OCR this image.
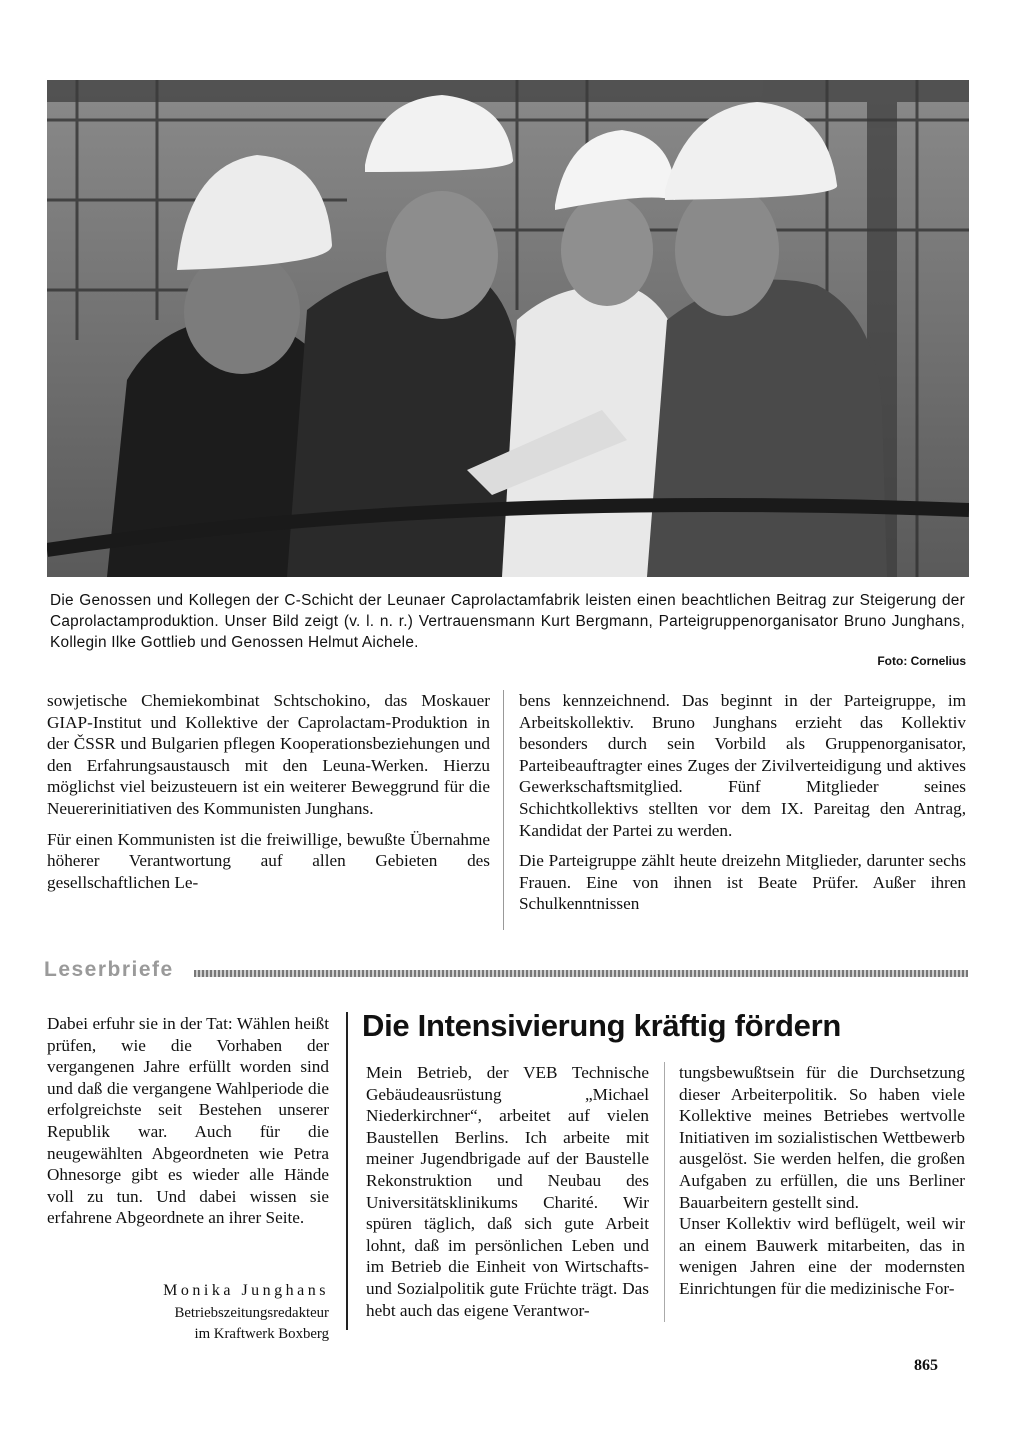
Die Genossen und Kollegen der C-Schicht der Leunaer Caprolactamfabrik leisten einen beachtlichen Beitrag zur Steigerung der Caprolactamproduktion. Unser Bild zeigt (v. l. n. r.) Vertrauensmann Kurt Bergmann, Parteigruppenorganisator Bruno Junghans, Kollegin Ilke Gottlieb und Genossen Helmut Aichele.

Foto: Cornelius

sowjetische Chemiekombinat Schtschokino, das Moskauer GIAP-Institut und Kollektive der Caprolactam-Produktion in der ČSSR und Bulgarien pflegen Kooperationsbeziehungen und den Erfahrungsaustausch mit den Leuna-Werken. Hierzu möglichst viel beizusteuern ist ein weiterer Beweggrund für die Neuererinitiativen des Kommunisten Junghans.

Für einen Kommunisten ist die freiwillige, bewußte Übernahme höherer Verantwortung auf allen Gebieten des gesellschaftlichen Le-

bens kennzeichnend. Das beginnt in der Parteigruppe, im Arbeitskollektiv. Bruno Junghans erzieht das Kollektiv besonders durch sein Vorbild als Gruppenorganisator, Parteibeauftragter eines Zuges der Zivilverteidigung und aktives Gewerkschaftsmitglied. Fünf Mitglieder seines Schichtkollektivs stellten vor dem IX. Pareitag den Antrag, Kandidat der Partei zu werden.

Die Parteigruppe zählt heute dreizehn Mitglieder, darunter sechs Frauen. Eine von ihnen ist Beate Prüfer. Außer ihren Schulkenntnissen

Leserbriefe

Dabei erfuhr sie in der Tat: Wählen heißt prüfen, wie die Vorhaben der vergangenen Jahre erfüllt worden sind und daß die vergangene Wahlperiode die erfolgreichste seit Bestehen unserer Republik war. Auch für die neugewählten Abgeordneten wie Petra Ohnesorge gibt es wieder alle Hände voll zu tun. Und dabei wissen sie erfahrene Abgeordnete an ihrer Seite.

Monika Junghans
Betriebszeitungsredakteur
im Kraftwerk Boxberg
Die Intensivierung kräftig fördern

Mein Betrieb, der VEB Technische Gebäudeausrüstung „Michael Niederkirchner“, arbeitet auf vielen Baustellen Berlins. Ich arbeite mit meiner Jugendbrigade auf der Baustelle Rekonstruktion und Neubau des Universitätsklinikums Charité. Wir spüren täglich, daß sich gute Arbeit lohnt, daß im persönlichen Leben und im Betrieb die Einheit von Wirtschafts- und Sozialpolitik gute Früchte trägt. Das hebt auch das eigene Verantwor-

tungsbewußtsein für die Durchsetzung dieser Arbeiterpolitik. So haben viele Kollektive meines Betriebes wertvolle Initiativen im sozialistischen Wettbewerb ausgelöst. Sie werden helfen, die großen Aufgaben zu erfüllen, die uns Berliner Bauarbeitern gestellt sind.

Unser Kollektiv wird beflügelt, weil wir an einem Bauwerk mitarbeiten, das in wenigen Jahren eine der modernsten Einrichtungen für die medizinische For-

865
